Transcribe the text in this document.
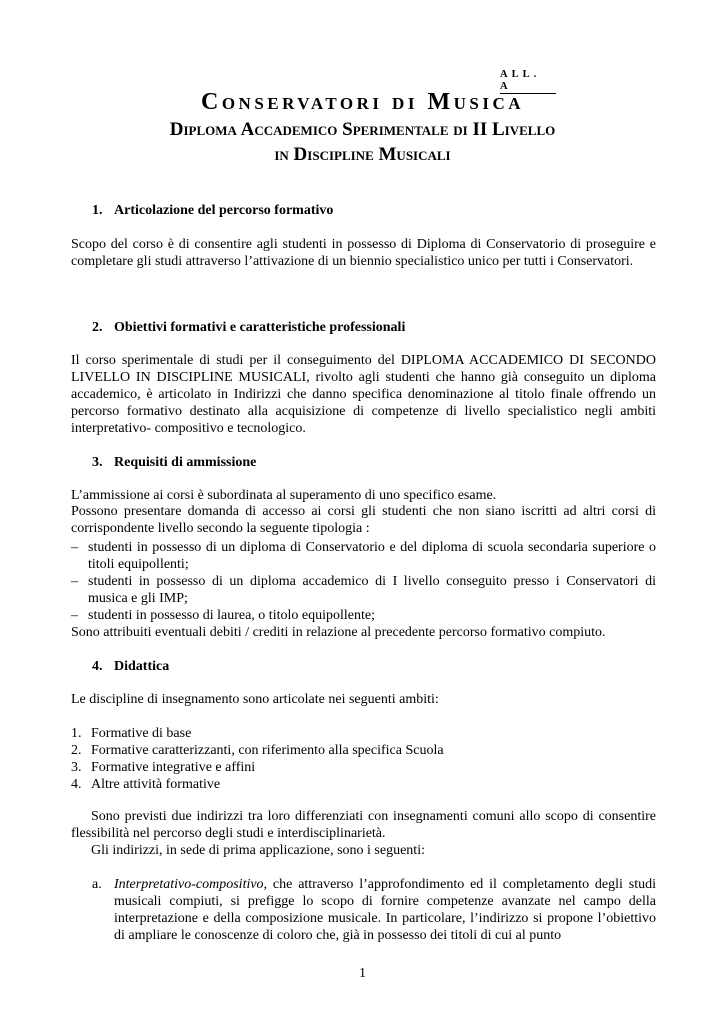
ALL. A
Conservatori di Musica
Diploma Accademico Sperimentale di II Livello
in Discipline Musicali
1. Articolazione del percorso formativo
Scopo del corso è di consentire agli studenti in possesso di Diploma di Conservatorio di proseguire e completare gli studi attraverso l’attivazione di un biennio specialistico unico per tutti i Conservatori.
2. Obiettivi formativi e caratteristiche professionali
Il corso sperimentale di studi per il conseguimento del DIPLOMA ACCADEMICO DI SECONDO LIVELLO IN DISCIPLINE MUSICALI, rivolto agli studenti che hanno già conseguito un diploma accademico, è articolato in Indirizzi che danno specifica denominazione al titolo finale offrendo un percorso formativo destinato alla acquisizione di competenze di livello specialistico negli ambiti interpretativo- compositivo e tecnologico.
3. Requisiti di ammissione
L’ammissione ai corsi è subordinata al superamento di uno specifico esame.
Possono presentare domanda di accesso ai corsi gli studenti che non siano iscritti ad altri corsi di corrispondente livello secondo la seguente tipologia :
– studenti in possesso di un diploma di Conservatorio e del diploma di scuola secondaria superiore o titoli equipollenti;
– studenti in possesso di un diploma accademico di I livello conseguito presso i Conservatori di musica e gli IMP;
– studenti in possesso di laurea, o titolo equipollente;
Sono attribuiti eventuali debiti / crediti in relazione al precedente percorso formativo compiuto.
4. Didattica
Le discipline di insegnamento sono articolate nei seguenti ambiti:
1. Formative di base
2. Formative caratterizzanti, con riferimento alla specifica Scuola
3. Formative integrative e affini
4. Altre attività formative
Sono previsti due indirizzi tra loro differenziati con insegnamenti comuni allo scopo di consentire flessibilità nel percorso degli studi e interdisciplinarietà.
Gli indirizzi, in sede di prima applicazione, sono i seguenti:
a. Interpretativo-compositivo, che attraverso l’approfondimento ed il completamento degli studi musicali compiuti, si prefigge lo scopo di fornire competenze avanzate nel campo della interpretazione e della composizione musicale. In particolare, l’indirizzo si propone l’obiettivo di ampliare le conoscenze di coloro che, già in possesso dei titoli di cui al punto
1
